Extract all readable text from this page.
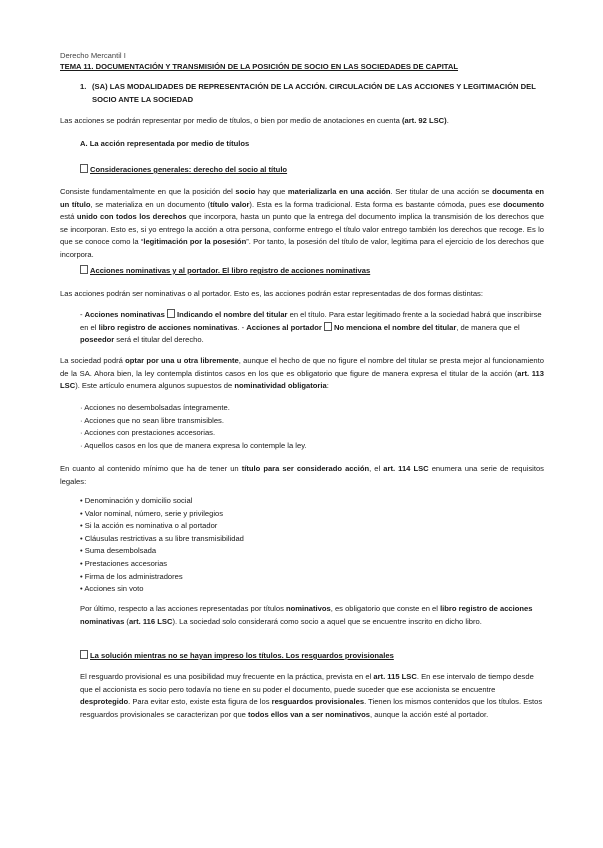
Derecho Mercantil I
TEMA 11. DOCUMENTACIÓN Y TRANSMISIÓN DE LA POSICIÓN DE SOCIO EN LAS SOCIEDADES DE CAPITAL
1. (SA) LAS MODALIDADES DE REPRESENTACIÓN DE LA ACCIÓN. CIRCULACIÓN DE LAS ACCIONES Y LEGITIMACIÓN DEL SOCIO ANTE LA SOCIEDAD
Las acciones se podrán representar por medio de títulos, o bien por medio de anotaciones en cuenta (art. 92 LSC).
A. La acción representada por medio de títulos
Consideraciones generales: derecho del socio al título
Consiste fundamentalmente en que la posición del socio hay que materializarla en una acción. Ser titular de una acción se documenta en un título, se materializa en un documento (título valor). Esta es la forma tradicional. Esta forma es bastante cómoda, pues ese documento está unido con todos los derechos que incorpora, hasta un punto que la entrega del documento implica la transmisión de los derechos que se incorporan. Esto es, si yo entrego la acción a otra persona, conforme entrego el título valor entrego también los derechos que recoge. Es lo que se conoce como la “legitimación por la posesión”. Por tanto, la posesión del título de valor, legitima para el ejercicio de los derechos que incorpora.
Acciones nominativas y al portador. El libro registro de acciones nominativas
Las acciones podrán ser nominativas o al portador. Esto es, las acciones podrán estar representadas de dos formas distintas:
- Acciones nominativas Indicando el nombre del titular en el título. Para estar legitimado frente a la sociedad habrá que inscribirse en el libro registro de acciones nominativas. - Acciones al portador No menciona el nombre del titular, de manera que el poseedor será el titular del derecho.
La sociedad podrá optar por una u otra libremente, aunque el hecho de que no figure el nombre del titular se presta mejor al funcionamiento de la SA. Ahora bien, la ley contempla distintos casos en los que es obligatorio que figure de manera expresa el titular de la acción (art. 113 LSC). Este artículo enumera algunos supuestos de nominatividad obligatoria:
· Acciones no desembolsadas íntegramente.
· Acciones que no sean libre transmisibles.
· Acciones con prestaciones accesorias.
· Aquellos casos en los que de manera expresa lo contemple la ley.
En cuanto al contenido mínimo que ha de tener un título para ser considerado acción, el art. 114 LSC enumera una serie de requisitos legales:
• Denominación y domicilio social
• Valor nominal, número, serie y privilegios
• Si la acción es nominativa o al portador
• Cláusulas restrictivas a su libre transmisibilidad
• Suma desembolsada
• Prestaciones accesorias
• Firma de los administradores
• Acciones sin voto
Por último, respecto a las acciones representadas por títulos nominativos, es obligatorio que conste en el libro registro de acciones nominativas (art. 116 LSC). La sociedad solo considerará como socio a aquel que se encuentre inscrito en dicho libro.
La solución mientras no se hayan impreso los títulos. Los resguardos provisionales
El resguardo provisional es una posibilidad muy frecuente en la práctica, prevista en el art. 115 LSC. En ese intervalo de tiempo desde que el accionista es socio pero todavía no tiene en su poder el documento, puede suceder que ese accionista se encuentre desprotegido. Para evitar esto, existe esta figura de los resguardos provisionales. Tienen los mismos contenidos que los títulos. Estos resguardos provisionales se caracterizan por que todos ellos van a ser nominativos, aunque la acción esté al portador.
